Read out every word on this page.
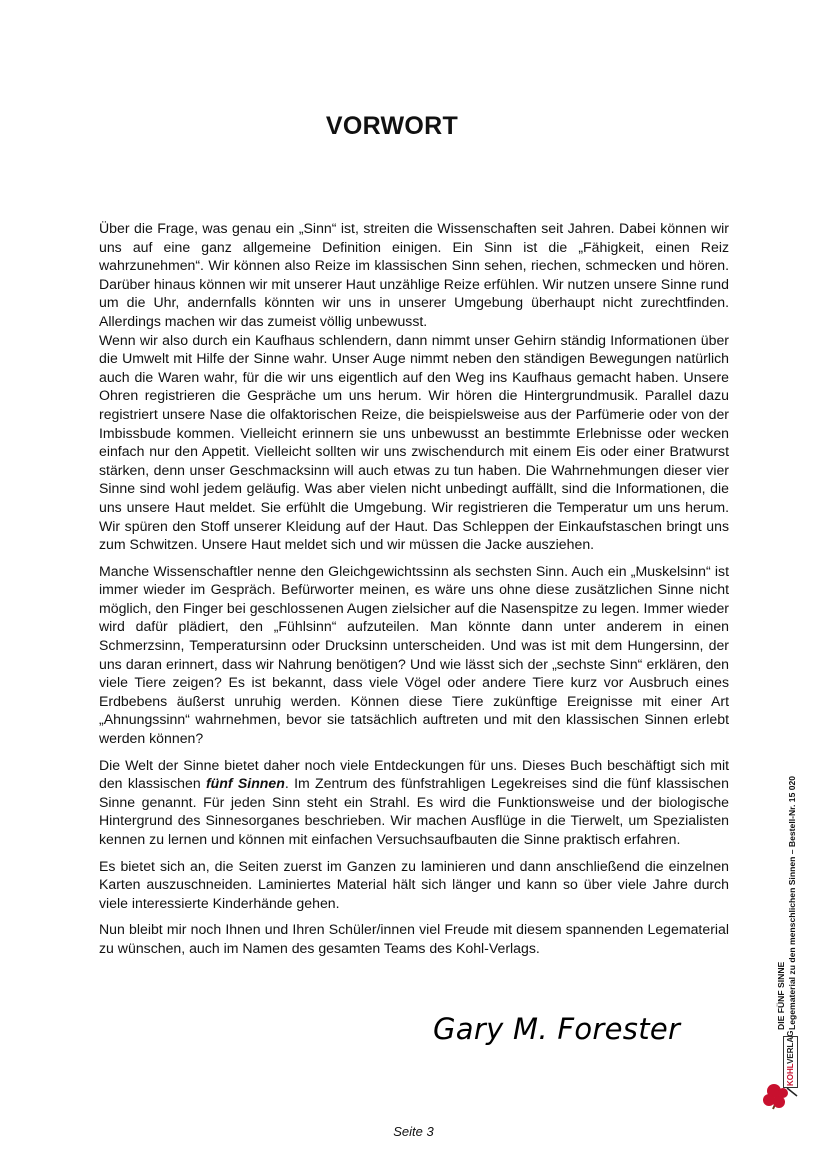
VORWORT

Über die Frage, was genau ein „Sinn“ ist, streiten die Wissenschaften seit Jahren. Dabei können wir uns auf eine ganz allgemeine Definition einigen. Ein Sinn ist die „Fähigkeit, einen Reiz wahrzunehmen“. Wir können also Reize im klassischen Sinn sehen, riechen, schmecken und hören. Darüber hinaus können wir mit unserer Haut unzählige Reize erfühlen. Wir nutzen unsere Sinne rund um die Uhr, andernfalls könnten wir uns in unserer Umgebung überhaupt nicht zurechtfinden. Allerdings machen wir das zumeist völlig unbewusst.

Wenn wir also durch ein Kaufhaus schlendern, dann nimmt unser Gehirn ständig Informationen über die Umwelt mit Hilfe der Sinne wahr. Unser Auge nimmt neben den ständigen Bewegungen natürlich auch die Waren wahr, für die wir uns eigentlich auf den Weg ins Kaufhaus gemacht haben. Unsere Ohren registrieren die Gespräche um uns herum. Wir hören die Hintergrundmusik. Parallel dazu registriert unsere Nase die olfaktorischen Reize, die beispielsweise aus der Parfümerie oder von der Imbissbude kommen. Vielleicht erinnern sie uns unbewusst an bestimmte Erlebnisse oder wecken einfach nur den Appetit. Vielleicht sollten wir uns zwischendurch mit einem Eis oder einer Bratwurst stärken, denn unser Geschmacksinn will auch etwas zu tun haben. Die Wahrnehmungen dieser vier Sinne sind wohl jedem geläufig. Was aber vielen nicht unbedingt auffällt, sind die Informationen, die uns unsere Haut meldet. Sie erfühlt die Umgebung. Wir registrieren die Temperatur um uns herum. Wir spüren den Stoff unserer Kleidung auf der Haut. Das Schleppen der Einkaufstaschen bringt uns zum Schwitzen. Unsere Haut meldet sich und wir müssen die Jacke ausziehen.

Manche Wissenschaftler nenne den Gleichgewichtssinn als sechsten Sinn. Auch ein „Muskelsinn“ ist immer wieder im Gespräch. Befürworter meinen, es wäre uns ohne diese zusätzlichen Sinne nicht möglich, den Finger bei geschlossenen Augen zielsicher auf die Nasenspitze zu legen. Immer wieder wird dafür plädiert, den „Fühlsinn“ aufzuteilen. Man könnte dann unter anderem in einen Schmerzsinn, Temperatursinn oder Drucksinn unterscheiden. Und was ist mit dem Hungersinn, der uns daran erinnert, dass wir Nahrung benötigen? Und wie lässt sich der „sechste Sinn“ erklären, den viele Tiere zeigen? Es ist bekannt, dass viele Vögel oder andere Tiere kurz vor Ausbruch eines Erdbebens äußerst unruhig werden. Können diese Tiere zukünftige Ereignisse mit einer Art „Ahnungssinn“ wahrnehmen, bevor sie tatsächlich auftreten und mit den klassischen Sinnen erlebt werden können?

Die Welt der Sinne bietet daher noch viele Entdeckungen für uns. Dieses Buch beschäftigt sich mit den klassischen fünf Sinnen. Im Zentrum des fünfstrahligen Legekreises sind die fünf klassischen Sinne genannt. Für jeden Sinn steht ein Strahl. Es wird die Funktionsweise und der biologische Hintergrund des Sinnesorganes beschrieben. Wir machen Ausflüge in die Tierwelt, um Spezialisten kennen zu lernen und können mit einfachen Versuchsaufbauten die Sinne praktisch erfahren.

Es bietet sich an, die Seiten zuerst im Ganzen zu laminieren und dann anschließend die einzelnen Karten auszuschneiden. Laminiertes Material hält sich länger und kann so über viele Jahre durch viele interessierte Kinderhände gehen.

Nun bleibt mir noch Ihnen und Ihren Schüler/innen viel Freude mit diesem spannenden Legematerial zu wünschen, auch im Namen des gesamten Teams des Kohl-Verlags.

Gary M. Forester	DIE FÜNF SINNE Legematerial zu den menschlichen Sinnen – Bestell-Nr. 15 020
KOHLVERLAG
Seite 3
